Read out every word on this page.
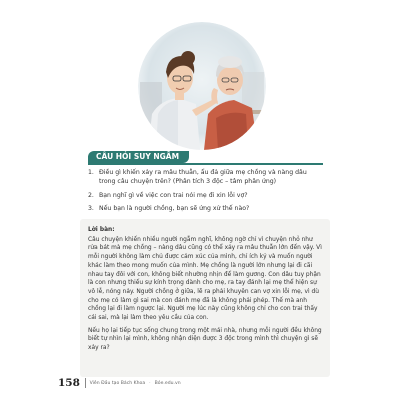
CÂU HỎI SUY NGẪM
1. Điều gì khiến xảy ra mâu thuẫn, ẩu đả giữa mẹ chồng và nàng dâu trong câu chuyện trên? (Phân tích 3 độc – tâm phân ứng)
2. Bạn nghĩ gì về việc con trai nói mẹ đi xin lỗi vợ?
3. Nếu bạn là người chồng, bạn sẽ ứng xử thế nào?
Lời bàn:

Câu chuyện khiến nhiều người ngẫm nghĩ, không ngờ chỉ vì chuyện nhỏ như rửa bát mà mẹ chồng – nàng dâu cũng có thể xảy ra mâu thuẫn lớn đến vậy. Vì mỗi người không làm chủ được cảm xúc của mình, chỉ ích kỷ và muốn người khác làm theo mong muốn của mình. Mẹ chồng là người lớn nhưng lại đi cãi nhau tay đôi với con, không biết nhường nhịn để làm gương. Con dâu tuy phận là con nhưng thiếu sự kính trọng dành cho mẹ, ra tay đánh lại mẹ thể hiện sự vô lễ, nóng nảy. Người chồng ở giữa, lẽ ra phải khuyên can vợ xin lỗi mẹ, vì dù cho mẹ có làm gì sai mà con đánh mẹ đã là không phải phép. Thế mà anh chồng lại đi làm ngược lại. Người mẹ lúc này cũng không chỉ cho con trai thấy cái sai, mà lại làm theo yêu cầu của con.

Nếu họ lại tiếp tục sống chung trong một mái nhà, nhưng mỗi người đều không biết tự nhìn lại mình, không nhận diện được 3 độc trong mình thì chuyện gì sẽ xảy ra?

158 Viên Đầu tạo Bách Khoa · Bóe.edu.vn
